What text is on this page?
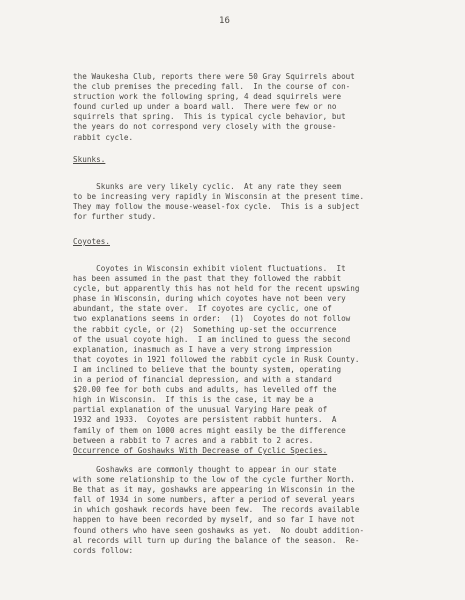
16
the Waukesha Club, reports there were 50 Gray Squirrels about
the club premises the preceding fall.  In the course of con-
struction work the following spring, 4 dead squirrels were
found curled up under a board wall.  There were few or no
squirrels that spring.  This is typical cycle behavior, but
the years do not correspond very closely with the grouse-
rabbit cycle.
Skunks.
Skunks are very likely cyclic.  At any rate they seem
to be increasing very rapidly in Wisconsin at the present time.
They may follow the mouse-weasel-fox cycle.  This is a subject
for further study.
Coyotes.
Coyotes in Wisconsin exhibit violent fluctuations.  It
has been assumed in the past that they followed the rabbit
cycle, but apparently this has not held for the recent upswing
phase in Wisconsin, during which coyotes have not been very
abundant, the state over.  If coyotes are cyclic, one of
two explanations seems in order:  (1)  Coyotes do not follow
the rabbit cycle, or (2)  Something up-set the occurrence
of the usual coyote high.  I am inclined to guess the second
explanation, inasmuch as I have a very strong impression
that coyotes in 1921 followed the rabbit cycle in Rusk County.
I am inclined to believe that the bounty system, operating
in a period of financial depression, and with a standard
$20.00 fee for both cubs and adults, has levelled off the
high in Wisconsin.  If this is the case, it may be a
partial explanation of the unusual Varying Hare peak of
1932 and 1933.  Coyotes are persistent rabbit hunters.  A
family of them on 1000 acres might easily be the difference
between a rabbit to 7 acres and a rabbit to 2 acres.
Occurrence of Goshawks With Decrease of Cyclic Species.
Goshawks are commonly thought to appear in our state
with some relationship to the low of the cycle further North.
Be that as it may, goshawks are appearing in Wisconsin in the
fall of 1934 in some numbers, after a period of several years
in which goshawk records have been few.  The records available
happen to have been recorded by myself, and so far I have not
found others who have seen goshawks as yet.  No doubt addition-
al records will turn up during the balance of the season.  Re-
cords follow:
